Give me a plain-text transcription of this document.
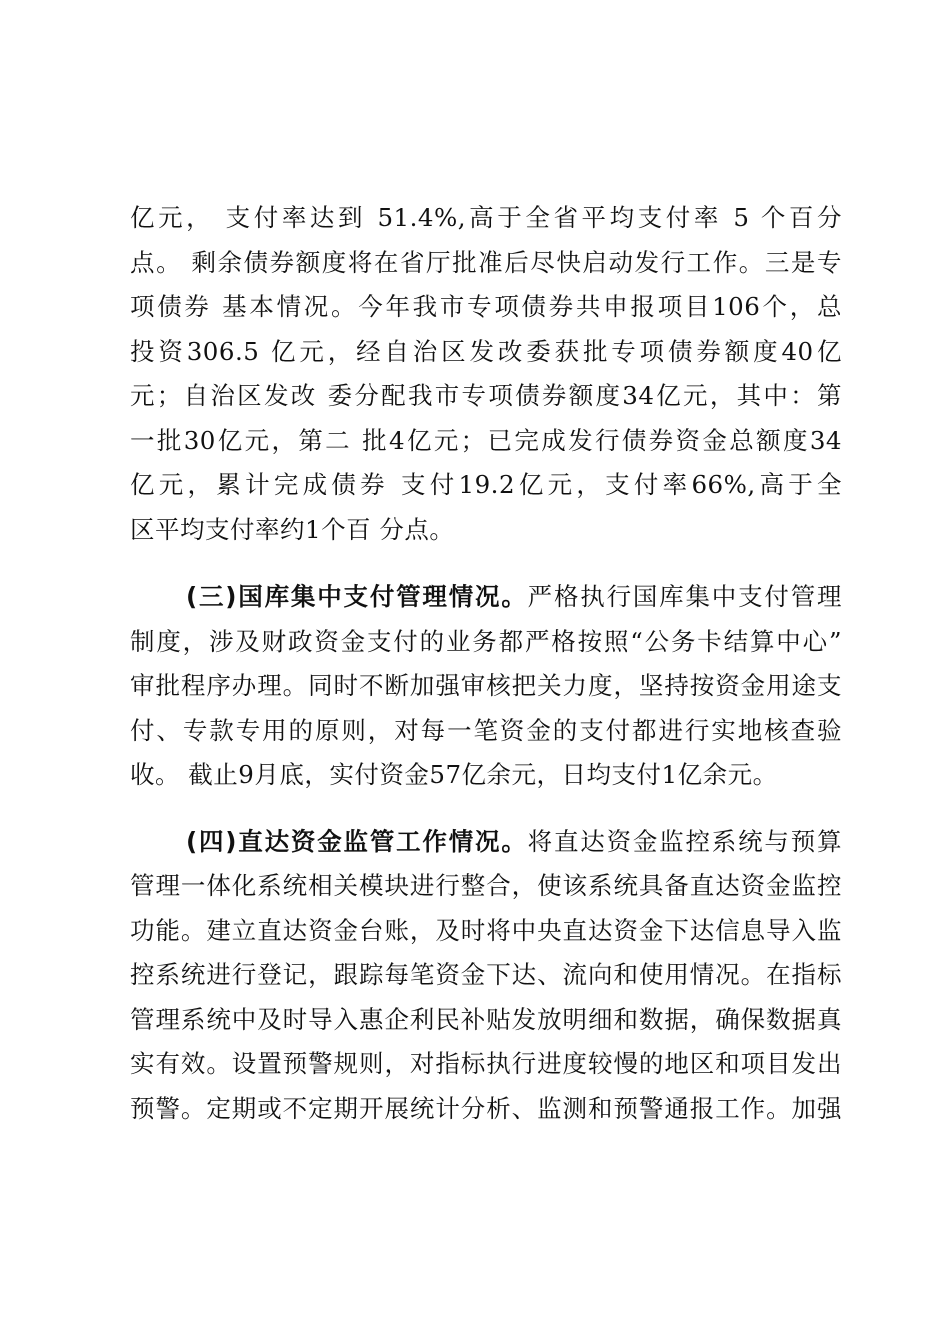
亿元， 支付率达到 51.4%,高于全省平均支付率 5 个百分
点。 剩余债券额度将在省厅批准后尽快启动发行工作。三是专
项债券 基本情况。今年我市专项债券共申报项目106个，总
投资306.5 亿元，经自治区发改委获批专项债券额度40亿
元；自治区发改 委分配我市专项债券额度34亿元，其中：第
一批30亿元，第二 批4亿元；已完成发行债券资金总额度34
亿元，累计完成债券 支付19.2亿元，支付率66%,高于全
区平均支付率约1个百 分点。
(三)国库集中支付管理情况。严格执行国库集中支付管理
制度，涉及财政资金支付的业务都严格按照“公务卡结算中心”
审批程序办理。同时不断加强审核把关力度，坚持按资金用途支
付、专款专用的原则，对每一笔资金的支付都进行实地核查验
收。 截止9月底，实付资金57亿余元，日均支付1亿余元。
(四)直达资金监管工作情况。将直达资金监控系统与预算
管理一体化系统相关模块进行整合，使该系统具备直达资金监控
功能。建立直达资金台账，及时将中央直达资金下达信息导入监
控系统进行登记，跟踪每笔资金下达、流向和使用情况。在指标
管理系统中及时导入惠企利民补贴发放明细和数据，确保数据真
实有效。设置预警规则，对指标执行进度较慢的地区和项目发出
预警。定期或不定期开展统计分析、监测和预警通报工作。加强
